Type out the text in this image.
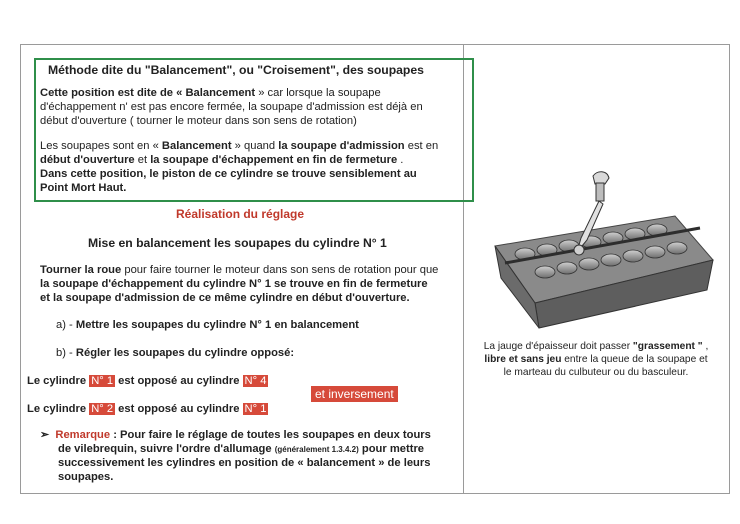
Méthode dite du "Balancement", ou "Croisement", des soupapes
Cette position est dite de « Balancement » car lorsque la soupape
d'échappement n' est pas encore fermée, la soupape d'admission est déjà en
début d'ouverture ( tourner le moteur dans son sens de rotation)
Les soupapes sont en « Balancement » quand la soupape d'admission est en
début d'ouverture et la soupape d'échappement en fin de fermeture .
Dans cette position, le piston de ce cylindre se trouve sensiblement au
Point Mort Haut.
Réalisation du réglage
Mise en balancement les soupapes du cylindre N° 1
Tourner la roue pour faire tourner le moteur dans son sens de rotation pour que
la soupape d'échappement du cylindre N° 1 se trouve en fin de fermeture
et la soupape d'admission de ce même cylindre en début d'ouverture.
a) - Mettre les soupapes du cylindre N° 1 en balancement
b) - Régler les soupapes du cylindre opposé:
Le cylindre N° 1 est opposé au cylindre N° 4
et inversement
Le cylindre N° 2 est opposé au cylindre N° 1
➢ Remarque : Pour faire le réglage de toutes les soupapes en deux tours
de vilebrequin, suivre l'ordre d'allumage (généralement 1.3.4.2) pour mettre
successivement les cylindres en position de « balancement » de leurs
soupapes.
La jauge d'épaisseur doit passer "grassement " ,
libre et sans jeu entre la queue de la soupape et
le marteau du culbuteur ou du basculeur.
